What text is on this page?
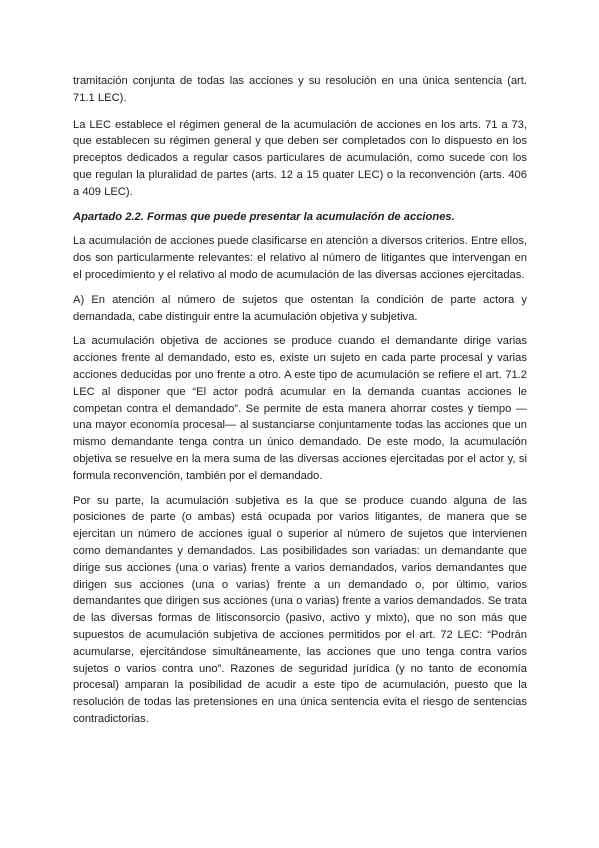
tramitación conjunta de todas las acciones y su resolución en una única sentencia (art. 71.1 LEC).

La LEC establece el régimen general de la acumulación de acciones en los arts. 71 a 73, que establecen su régimen general y que deben ser completados con lo dispuesto en los preceptos dedicados a regular casos particulares de acumulación, como sucede con los que regulan la pluralidad de partes (arts. 12 a 15 quater LEC) o la reconvención (arts. 406 a 409 LEC).

Apartado 2.2. Formas que puede presentar la acumulación de acciones.

La acumulación de acciones puede clasificarse en atención a diversos criterios. Entre ellos, dos son particularmente relevantes: el relativo al número de litigantes que intervengan en el procedimiento y el relativo al modo de acumulación de las diversas acciones ejercitadas.

A) En atención al número de sujetos que ostentan la condición de parte actora y demandada, cabe distinguir entre la acumulación objetiva y subjetiva.

La acumulación objetiva de acciones se produce cuando el demandante dirige varias acciones frente al demandado, esto es, existe un sujeto en cada parte procesal y varias acciones deducidas por uno frente a otro. A este tipo de acumulación se refiere el art. 71.2 LEC al disponer que “El actor podrá acumular en la demanda cuantas acciones le competan contra el demandado”. Se permite de esta manera ahorrar costes y tiempo —una mayor economía procesal— al sustanciarse conjuntamente todas las acciones que un mismo demandante tenga contra un único demandado. De este modo, la acumulación objetiva se resuelve en la mera suma de las diversas acciones ejercitadas por el actor y, si formula reconvención, también por el demandado.

Por su parte, la acumulación subjetiva es la que se produce cuando alguna de las posiciones de parte (o ambas) está ocupada por varios litigantes, de manera que se ejercitan un número de acciones igual o superior al número de sujetos que intervienen como demandantes y demandados. Las posibilidades son variadas: un demandante que dirige sus acciones (una o varias) frente a varios demandados, varios demandantes que dirigen sus acciones (una o varias) frente a un demandado o, por último, varios demandantes que dirigen sus acciones (una o varias) frente a varios demandados. Se trata de las diversas formas de litisconsorcio (pasivo, activo y mixto), que no son más que supuestos de acumulación subjetiva de acciones permitidos por el art. 72 LEC: “Podrán acumularse, ejercitándose simultáneamente, las acciones que uno tenga contra varios sujetos o varios contra uno”. Razones de seguridad jurídica (y no tanto de economía procesal) amparan la posibilidad de acudir a este tipo de acumulación, puesto que la resolución de todas las pretensiones en una única sentencia evita el riesgo de sentencias contradictorias.
